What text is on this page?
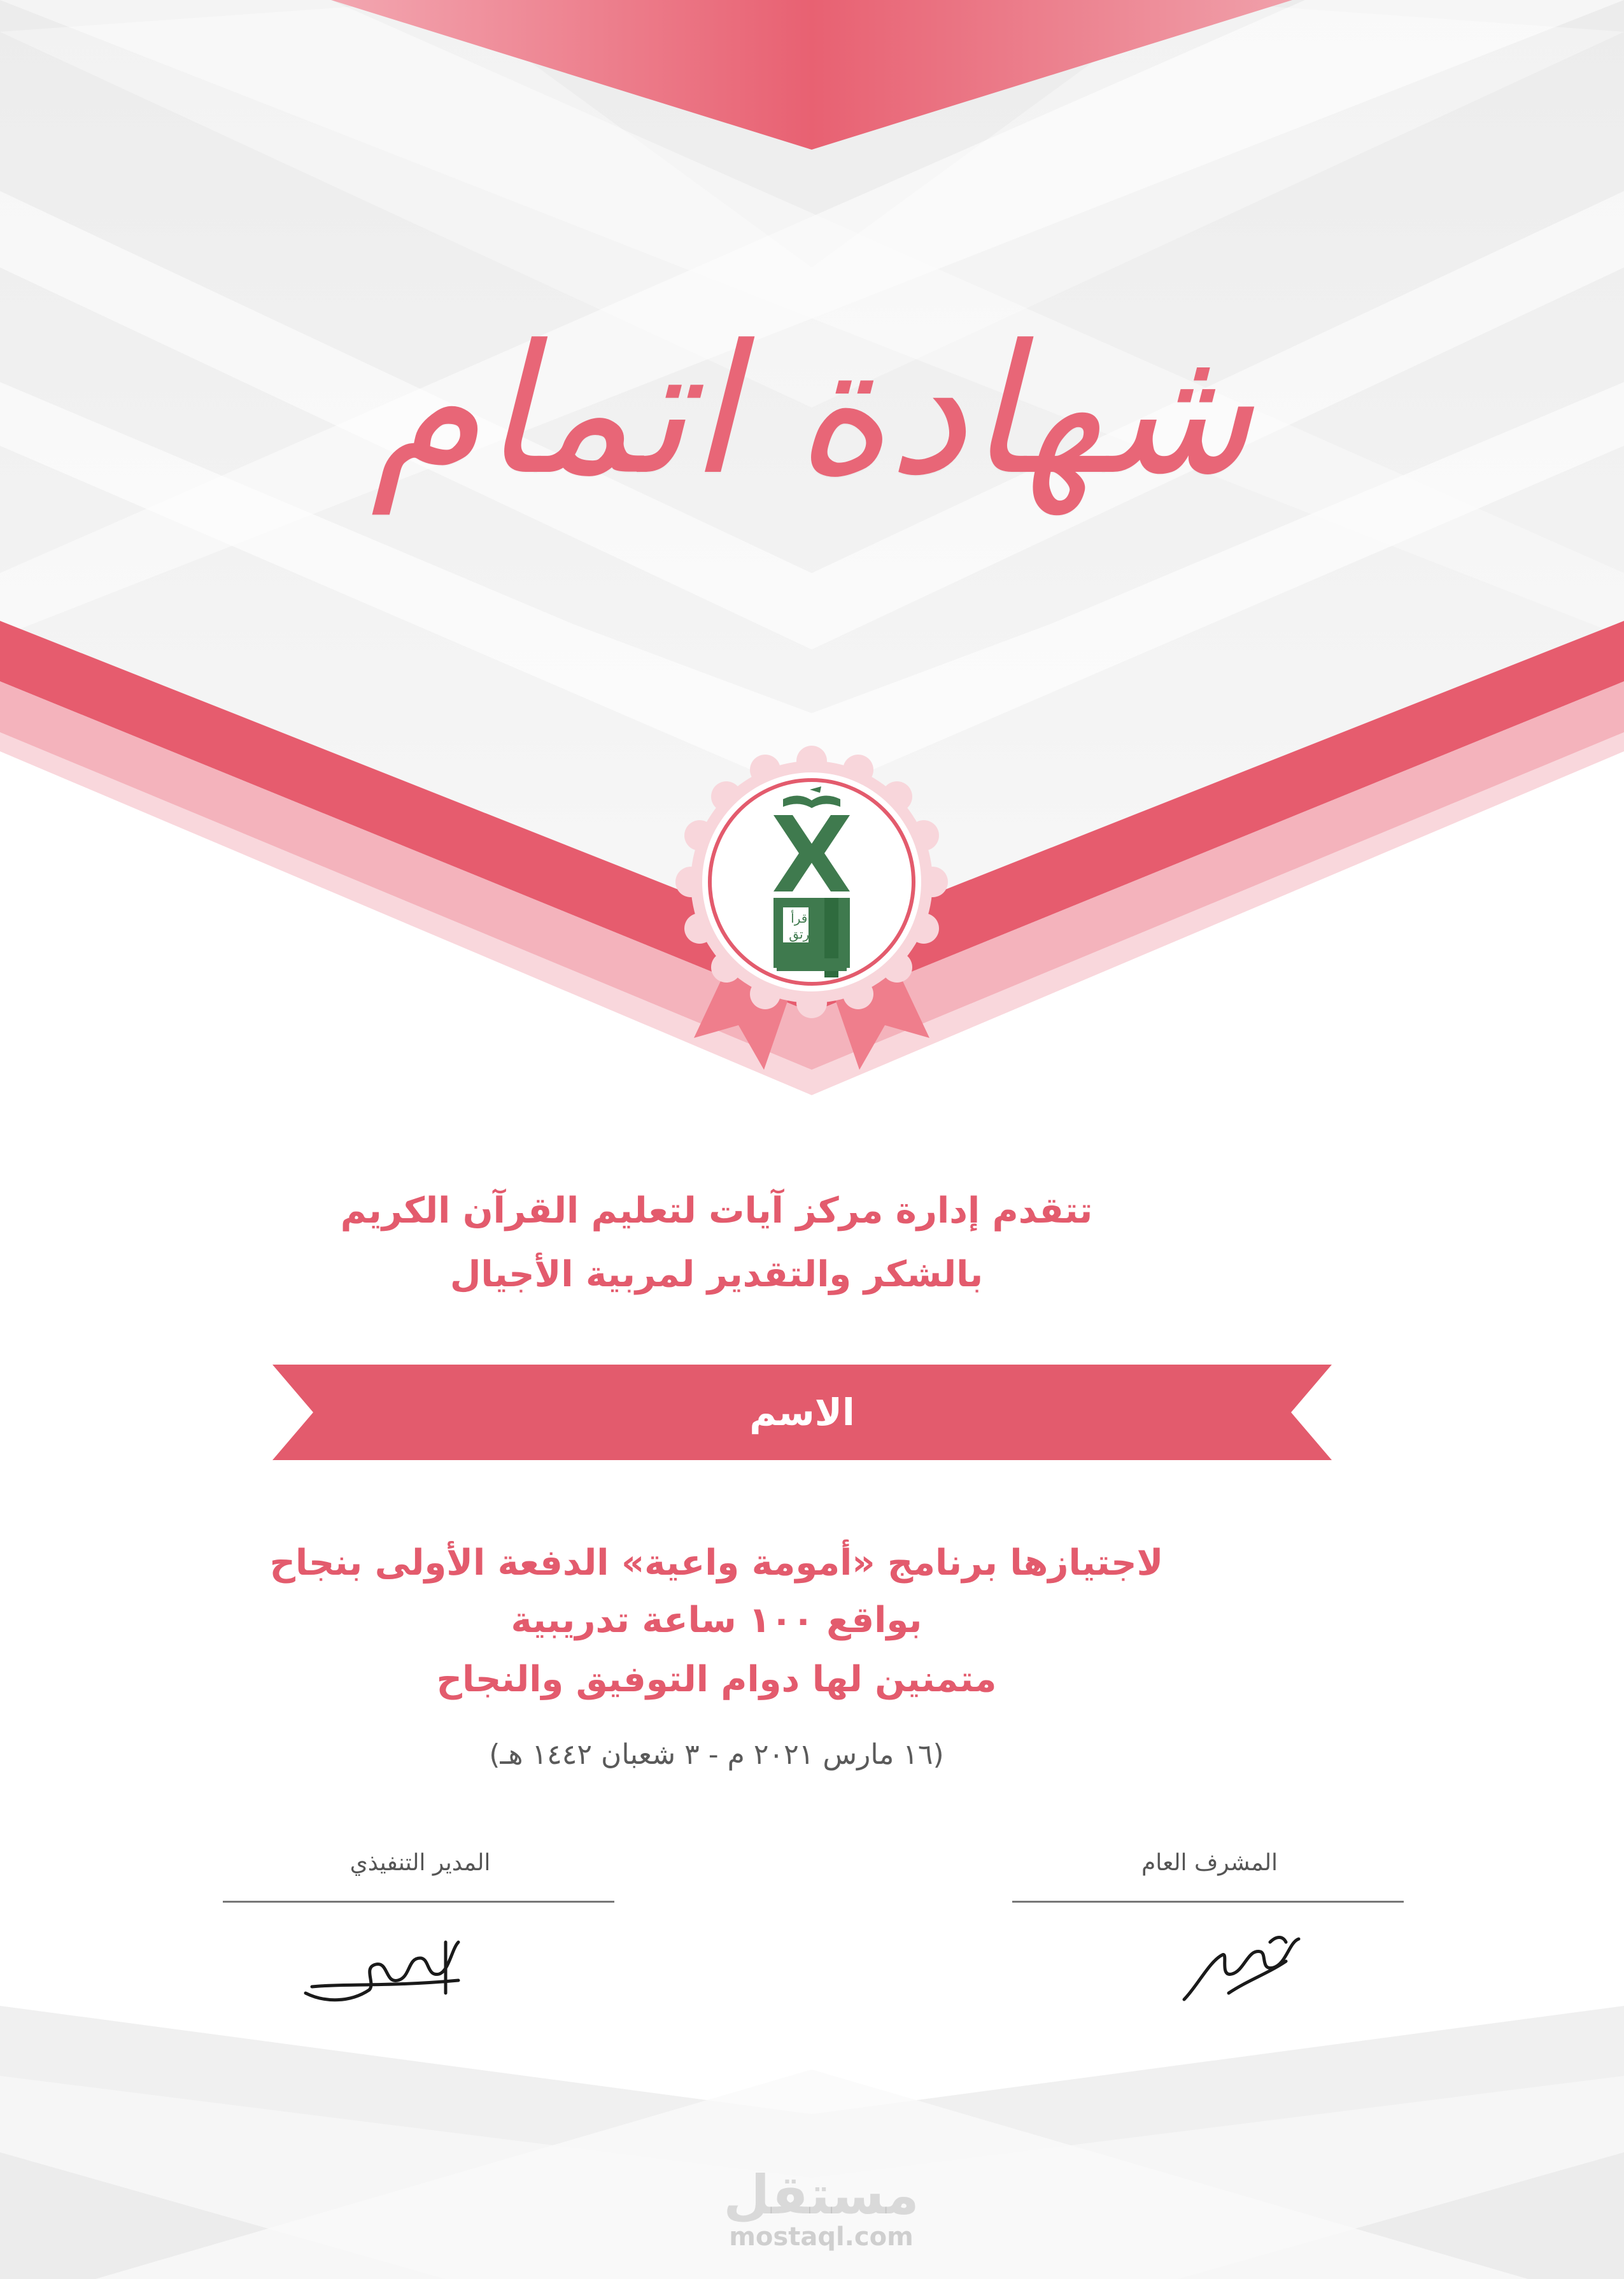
شهادة اتمام
اقرأ
ارتق
تتقدم إدارة مركز آيات لتعليم القرآن الكريم
بالشكر والتقدير لمربية الأجيال
الاسم
لاجتيازها برنامج «أمومة واعية» الدفعة الأولى بنجاح
بواقع ١٠٠ ساعة تدريبية
متمنين لها دوام التوفيق والنجاح
(١٦ مارس ٢٠٢١ م - ٣ شعبان ١٤٤٢ هـ)
المشرف العام
المدير التنفيذي
مستقل
mostaql.com
